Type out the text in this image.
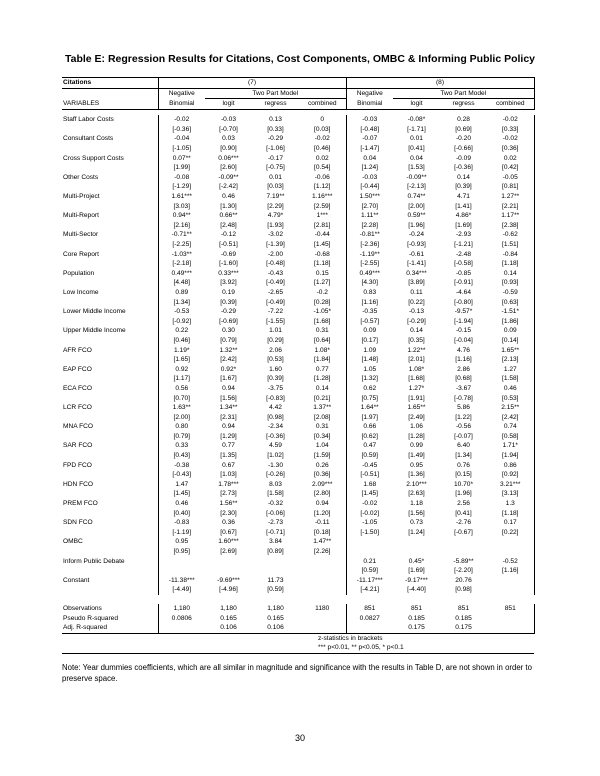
Table E: Regression Results for Citations, Cost Components, OMBC & Informing Public Policy
Citations	(7)				(8)			
	Negative	Two Part Model			Negative	Two Part Model		
VARIABLES	Binomial	logit	regress	combined	Binomial	logit	regress	combined

Staff Labor Costs	-0.02	-0.03	0.13	0	-0.03	-0.08*	0.28	-0.02
	[-0.36]	[-0.70]	[0.33]	[0.03]	[-0.48]	[-1.71]	[0.69]	[0.33]
Consultant Costs	-0.04	0.03	-0.29	-0.02	-0.07	0.01	-0.20	-0.02
	[-1.05]	[0.90]	[-1.06]	[0.46]	[-1.47]	[0.41]	[-0.66]	[0.36]
Cross Support Costs	0.07**	0.06***	-0.17	0.02	0.04	0.04	-0.09	0.02
	[1.99]	[2.60]	[-0.75]	[0.54]	[1.24]	[1.53]	[-0.36]	[0.42]
Other Costs	-0.08	-0.09**	0.01	-0.06	-0.03	-0.09**	0.14	-0.05
	[-1.29]	[-2.42]	[0.03]	[1.12]	[-0.44]	[-2.13]	[0.39]	[0.81]
Multi-Project	1.61***	0.46	7.19**	1.16***	1.50***	0.74**	4.71	1.27**
	[3.03]	[1.30]	[2.29]	[2.59]	[2.70]	[2.00]	[1.41]	[2.21]
Multi-Report	0.94**	0.66**	4.79*	1***	1.11**	0.59**	4.86*	1.17**
	[2.16]	[2.48]	[1.93]	[2.81]	[2.28]	[1.96]	[1.69]	[2.38]
Multi-Sector	-0.71**	-0.12	-3.02	-0.44	-0.81**	-0.24	-2.93	-0.62
	[-2.25]	[-0.51]	[-1.39]	[1.45]	[-2.36]	[-0.93]	[-1.21]	[1.51]
Core Report	-1.03**	-0.69	-2.00	-0.68	-1.19**	-0.61	-2.48	-0.84
	[-2.18]	[-1.60]	[-0.48]	[1.18]	[-2.55]	[-1.41]	[-0.58]	[1.18]
Population	0.49***	0.33***	-0.43	0.15	0.49***	0.34***	-0.85	0.14
	[4.48]	[3.92]	[-0.49]	[1.27]	[4.30]	[3.89]	[-0.91]	[0.93]
Low Income	0.89	0.19	-2.65	-0.2	0.83	0.11	-4.64	-0.59
	[1.34]	[0.39]	[-0.49]	[0.28]	[1.16]	[0.22]	[-0.80]	[0.63]
Lower Middle Income	-0.53	-0.29	-7.22	-1.05*	-0.35	-0.13	-9.57*	-1.51*
	[-0.92]	[-0.69]	[-1.55]	[1.68]	[-0.57]	[-0.29]	[-1.94]	[1.86]
Upper Middle Income	0.22	0.30	1.01	0.31	0.09	0.14	-0.15	0.09
	[0.46]	[0.79]	[0.29]	[0.64]	[0.17]	[0.35]	[-0.04]	[0.14]
AFR FCO	1.19*	1.32**	2.06	1.08*	1.09	1.22**	4.76	1.65**
	[1.65]	[2.42]	[0.53]	[1.84]	[1.48]	[2.01]	[1.16]	[2.13]
EAP FCO	0.92	0.92*	1.60	0.77	1.05	1.08*	2.86	1.27
	[1.17]	[1.67]	[0.39]	[1.28]	[1.32]	[1.68]	[0.68]	[1.58]
ECA FCO	0.56	0.94	-3.75	0.14	0.62	1.27*	-3.67	0.46
	[0.70]	[1.56]	[-0.83]	[0.21]	[0.75]	[1.91]	[-0.78]	[0.53]
LCR FCO	1.63**	1.34**	4.42	1.37**	1.64**	1.65**	5.86	2.15**
	[2.00]	[2.31]	[0.98]	[2.08]	[1.97]	[2.49]	[1.22]	[2.42]
MNA FCO	0.80	0.94	-2.34	0.31	0.66	1.06	-0.56	0.74
	[0.79]	[1.29]	[-0.36]	[0.34]	[0.62]	[1.28]	[-0.07]	[0.58]
SAR FCO	0.33	0.77	4.59	1.04	0.47	0.99	6.40	1.71*
	[0.43]	[1.35]	[1.02]	[1.59]	[0.59]	[1.49]	[1.34]	[1.94]
FPD FCO	-0.38	0.67	-1.30	0.26	-0.45	0.95	0.76	0.86
	[-0.43]	[1.03]	[-0.26]	[0.36]	[-0.51]	[1.36]	[0.15]	[0.92]
HDN FCO	1.47	1.78***	8.03	2.09***	1.68	2.10***	10.70*	3.21***
	[1.45]	[2.73]	[1.58]	[2.80]	[1.45]	[2.63]	[1.96]	[3.13]
PREM FCO	0.46	1.56**	-0.32	0.94	-0.02	1.18	2.56	1.3
	[0.40]	[2.30]	[-0.06]	[1.20]	[-0.02]	[1.56]	[0.41]	[1.18]
SDN FCO	-0.83	0.36	-2.73	-0.11	-1.05	0.73	-2.76	0.17
	[-1.19]	[0.67]	[-0.71]	[0.18]	[-1.50]	[1.24]	[-0.67]	[0.22]
OMBC	0.95	1.60***	3.84	1.47**				
	[0.95]	[2.69]	[0.89]	[2.26]				
Inform Public Debate					0.21	0.45*	-5.89**	-0.52
					[0.59]	[1.69]	[-2.20]	[1.16]
Constant	-11.38***	-9.69***	11.73		-11.17***	-9.17***	20.76	
	[-4.49]	[-4.96]	[0.59]		[-4.21]	[-4.40]	[0.98]	

Observations	1,180	1,180	1,180	1180	851	851	851	851
Pseudo R-squared	0.0806	0.165	0.165		0.0827	0.185	0.185	
Adj. R-squared		0.106	0.106			0.175	0.175	
			z-statistics in brackets					
			*** p<0.01, ** p<0.05, * p<0.1					
Note: Year dummies coefficients, which are all similar in magnitude and significance with the results in Table D, are not shown in order to preserve space.
30
